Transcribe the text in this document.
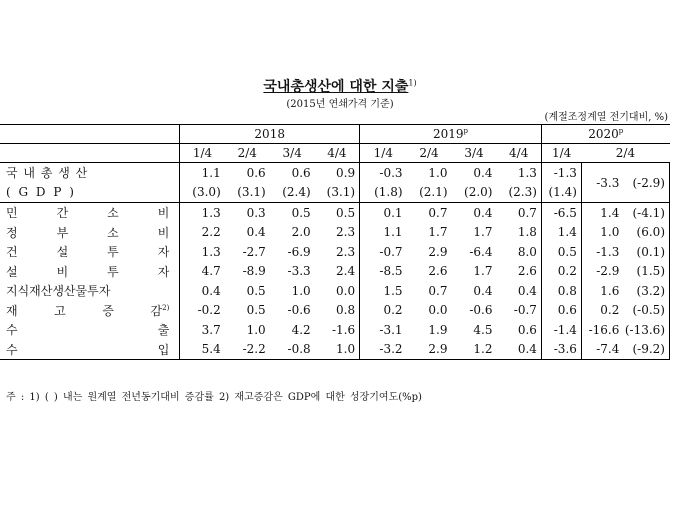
국내총생산에 대한 지출$^{1)}$
(2015년 연쇄가격 기준)
(계절조정계열 전기대비, %)
	2018				2019$^p$				2020$^p$
	1/4	2/4	3/4	4/4	1/4	2/4	3/4	4/4	1/4	2/4	
국 내 총 생 산	1.1	0.6	0.6	0.9	-0.3	1.0	0.4	1.3	-1.3	-3.3	(-2.9)
( G D P )	(3.0)	(3.1)	(2.4)	(3.1)	(1.8)	(2.1)	(2.0)	(2.3)	(1.4)		

민 간 소 비	1.3	0.3	0.5	0.5	0.1	0.7	0.4	0.7	-6.5	1.4	(-4.1)

정 부 소 비	2.2	0.4	2.0	2.3	1.1	1.7	1.7	1.8	1.4	1.0	(6.0)

건 설 투 자	1.3	-2.7	-6.9	2.3	-0.7	2.9	-6.4	8.0	0.5	-1.3	(0.1)

설 비 투 자	4.7	-8.9	-3.3	2.4	-8.5	2.6	1.7	2.6	0.2	-2.9	(1.5)

지식재산생산물투자	0.4	0.5	1.0	0.0	1.5	0.7	0.4	0.4	0.8	1.6	(3.2)

재 고 증 감$^{2)}$	-0.2	0.5	-0.6	0.8	0.2	0.0	-0.6	-0.7	0.6	0.2	(-0.5)

수 출	3.7	1.0	4.2	-1.6	-3.1	1.9	4.5	0.6	-1.4	-16.6	(-13.6)

수 입	5.4	-2.2	-0.8	1.0	-3.2	2.9	1.2	0.4	-3.6	-7.4	(-9.2)
주 : 1) ( ) 내는 원계열 전년동기대비 증감률 2) 재고증감은 GDP에 대한 성장기여도(%p)
